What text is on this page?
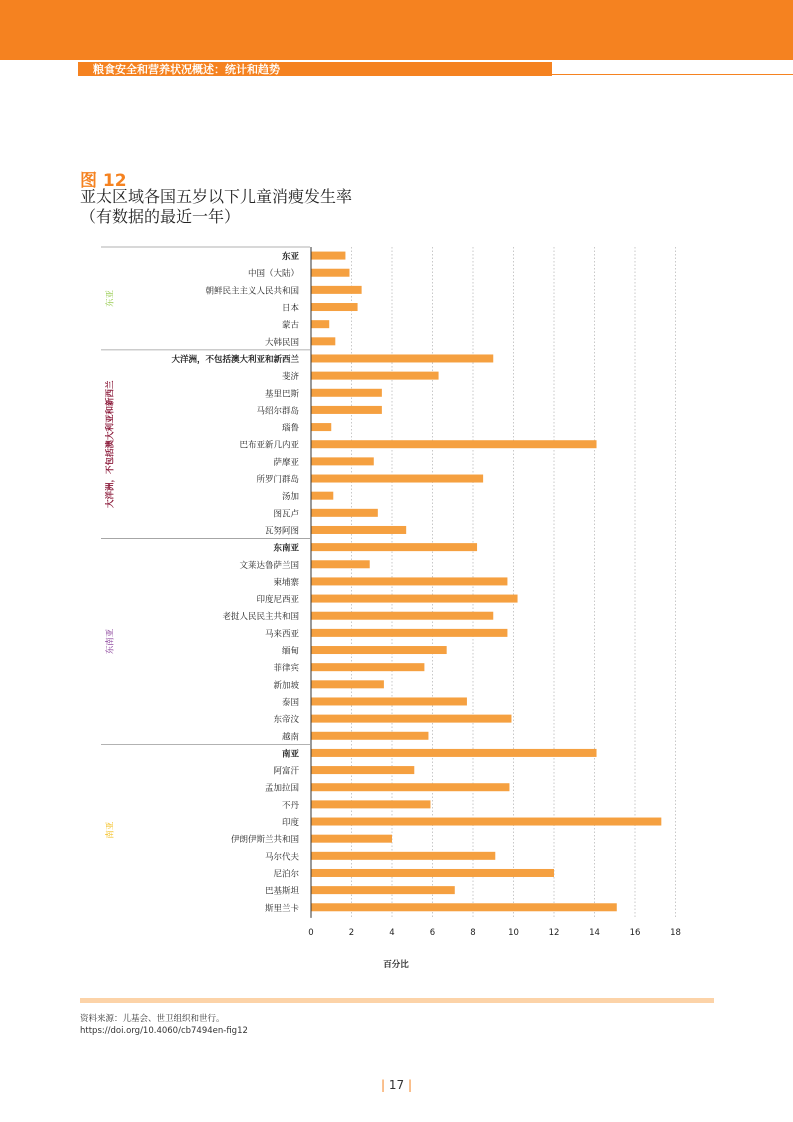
粮食安全和营养状况概述：统计和趋势
图 12
亚太区域各国五岁以下儿童消瘦发生率
（有数据的最近一年）
东亚
中国（大陆）
朝鲜民主主义人民共和国
日本
蒙古
大韩民国
东亚
大洋洲，不包括澳大利亚和新西兰
斐济
基里巴斯
马绍尔群岛
瑙鲁
巴布亚新几内亚
萨摩亚
所罗门群岛
汤加
图瓦卢
瓦努阿图
大洋洲，不包括澳大利亚和新西兰
东南亚
文莱达鲁萨兰国
柬埔寨
印度尼西亚
老挝人民民主共和国
马来西亚
缅甸
菲律宾
新加坡
泰国
东帝汶
越南
东南亚
南亚
阿富汗
孟加拉国
不丹
印度
伊朗伊斯兰共和国
马尔代夫
尼泊尔
巴基斯坦
斯里兰卡
南亚
0	2	4	6	8	10	12	14	16	18
百分比
资料来源：儿基会、世卫组织和世行。
https://doi.org/10.4060/cb7494en-fig12
| 17 |
